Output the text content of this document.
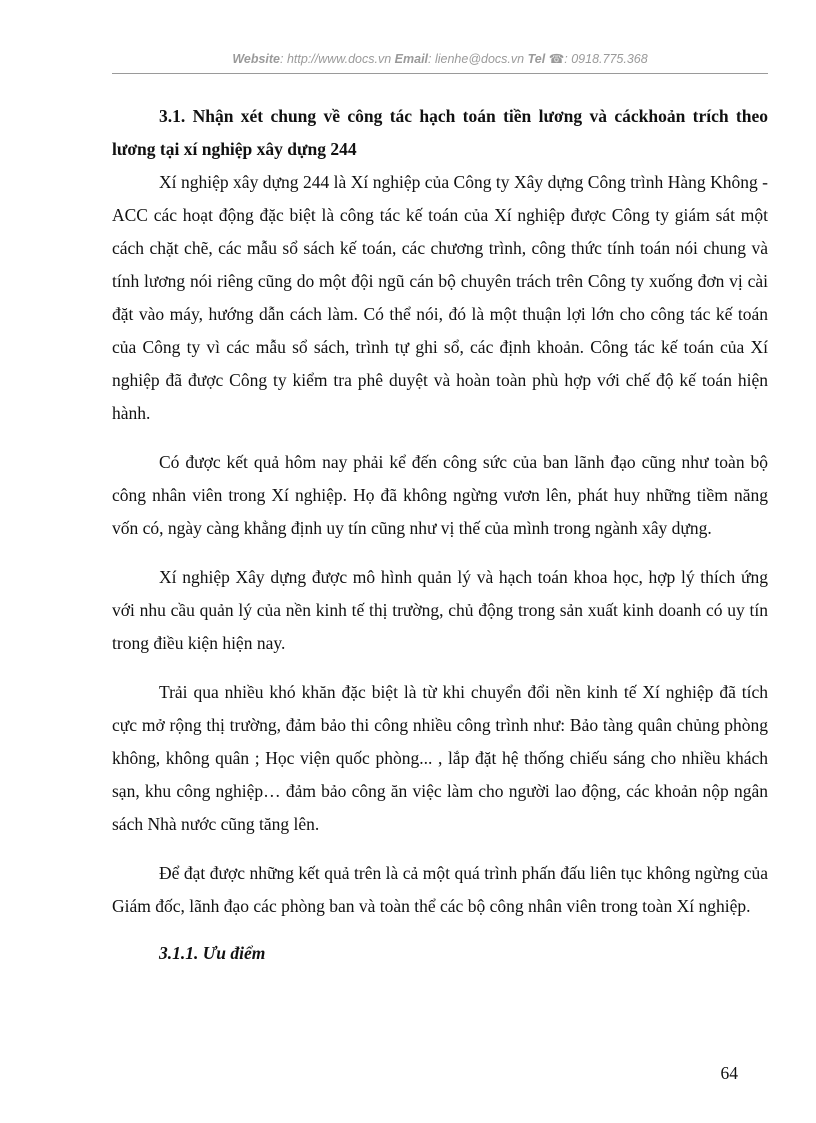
Website: http://www.docs.vn Email: lienhe@docs.vn Tel ☎: 0918.775.368

3.1. Nhận xét chung về công tác hạch toán tiền lương và cáckhoản trích theo lương tại xí nghiệp xây dựng 244

Xí nghiệp xây dựng 244 là Xí nghiệp của Công ty Xây dựng Công trình Hàng Không - ACC các hoạt động đặc biệt là công tác kế toán của Xí nghiệp được Công ty giám sát một cách chặt chẽ, các mẫu sổ sách kế toán, các chương trình, công thức tính toán nói chung và tính lương nói riêng cũng do một đội ngũ cán bộ chuyên trách trên Công ty xuống đơn vị cài đặt vào máy, hướng dẫn cách làm. Có thể nói, đó là một thuận lợi lớn cho công tác kế toán của Công ty vì các mẫu sổ sách, trình tự ghi sổ, các định khoản. Công tác kế toán của Xí nghiệp đã được Công ty kiểm tra phê duyệt và hoàn toàn phù hợp với chế độ kế toán hiện hành.

Có được kết quả hôm nay phải kể đến công sức của ban lãnh đạo cũng như toàn bộ công nhân viên trong Xí nghiệp. Họ đã không ngừng vươn lên, phát huy những tiềm năng vốn có, ngày càng khẳng định uy tín cũng như vị thế của mình trong ngành xây dựng.

Xí nghiệp Xây dựng được mô hình quản lý và hạch toán khoa học, hợp lý thích ứng với nhu cầu quản lý của nền kinh tế thị trường, chủ động trong sản xuất kinh doanh có uy tín trong điều kiện hiện nay.

Trải qua nhiều khó khăn đặc biệt là từ khi chuyển đổi nền kinh tế Xí nghiệp đã tích cực mở rộng thị trường, đảm bảo thi công nhiều công trình như: Bảo tàng quân chủng phòng không, không quân ; Học viện quốc phòng... , lắp đặt hệ thống chiếu sáng cho nhiều khách sạn, khu công nghiệp… đảm bảo công ăn việc làm cho người lao động, các khoản nộp ngân sách Nhà nước cũng tăng lên.

Để đạt được những kết quả trên là cả một quá trình phấn đấu liên tục không ngừng của Giám đốc, lãnh đạo các phòng ban và toàn thể các bộ công nhân viên trong toàn Xí nghiệp.

3.1.1. Ưu điểm

64
